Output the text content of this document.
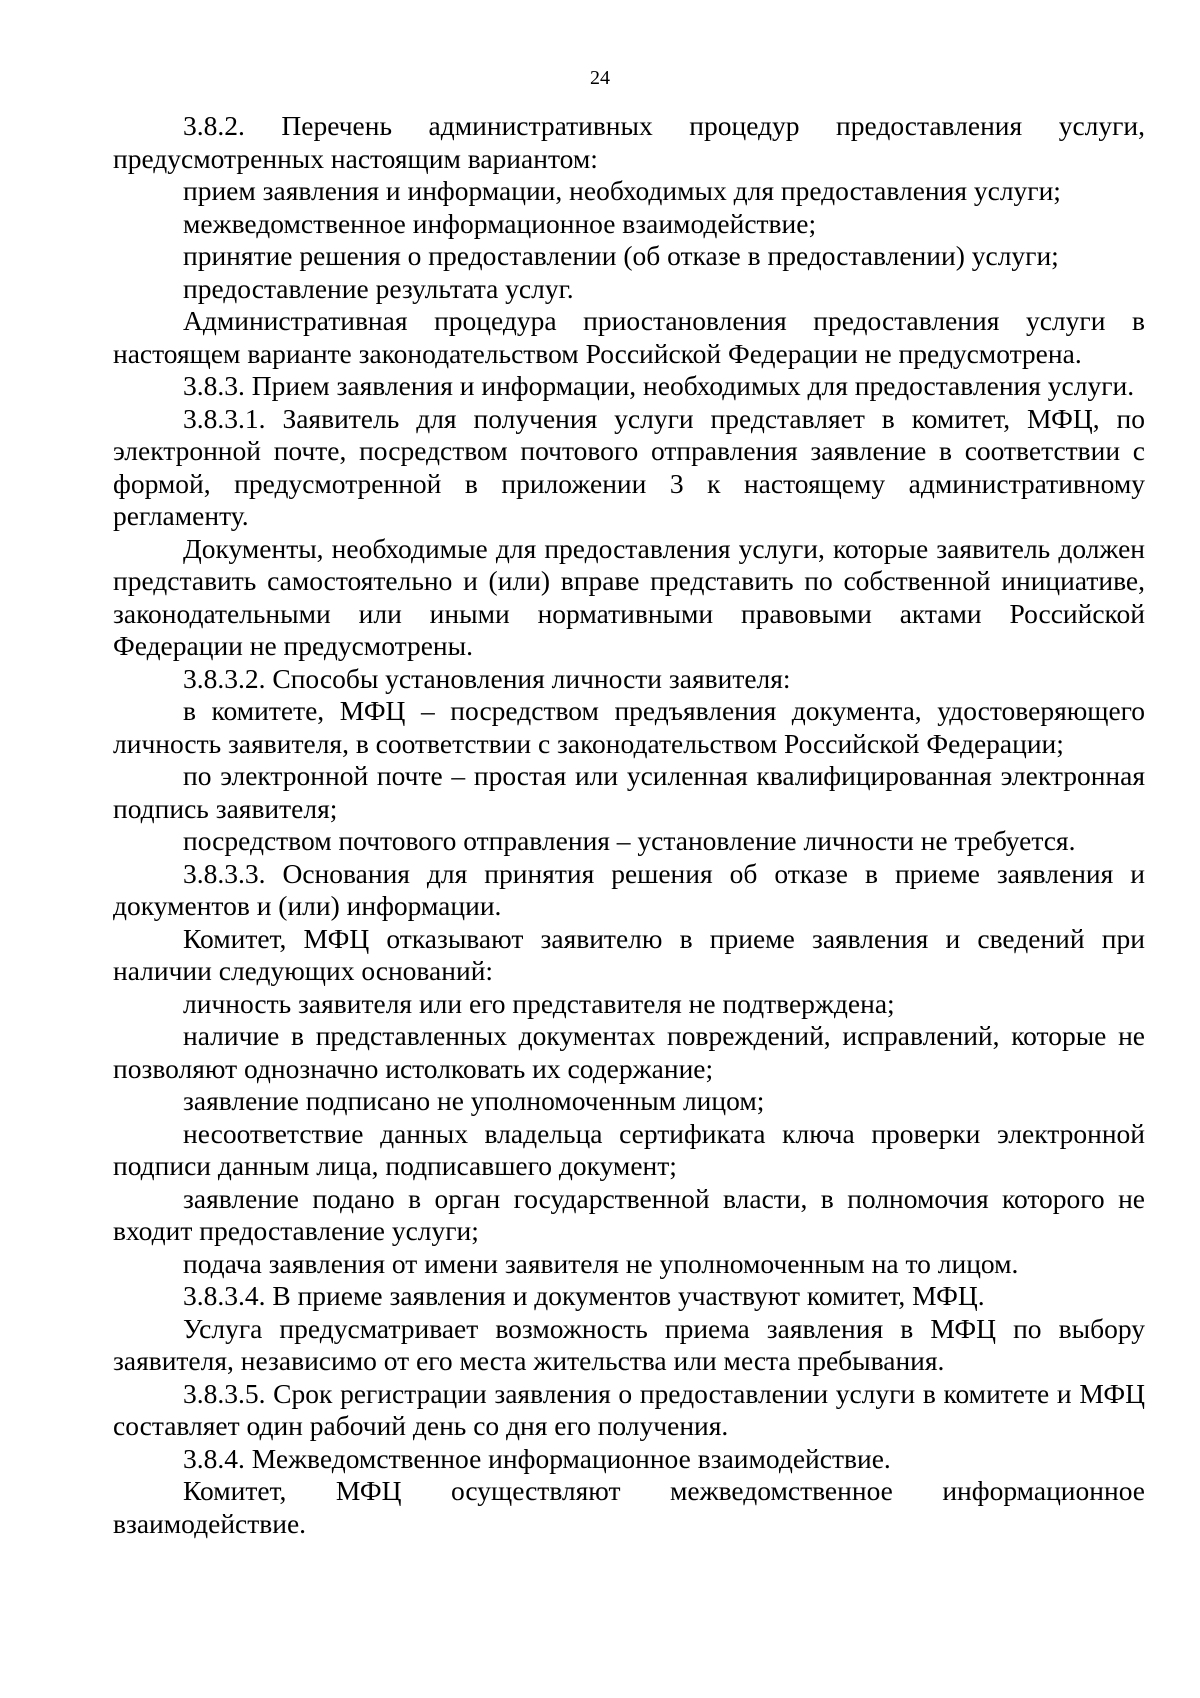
24

3.8.2. Перечень административных процедур предоставления услуги, предусмотренных настоящим вариантом:

прием заявления и информации, необходимых для предоставления услуги;

межведомственное информационное взаимодействие;

принятие решения о предоставлении (об отказе в предоставлении) услуги;

предоставление результата услуг.

Административная процедура приостановления предоставления услуги в настоящем варианте законодательством Российской Федерации не предусмотрена.

3.8.3. Прием заявления и информации, необходимых для предоставления услуги.

3.8.3.1. Заявитель для получения услуги представляет в комитет, МФЦ, по электронной почте, посредством почтового отправления заявление в соответствии с формой, предусмотренной в приложении 3 к настоящему административному регламенту.

Документы, необходимые для предоставления услуги, которые заявитель должен представить самостоятельно и (или) вправе представить по собственной инициативе, законодательными или иными нормативными правовыми актами Российской Федерации не предусмотрены.

3.8.3.2. Способы установления личности заявителя:

в комитете, МФЦ – посредством предъявления документа, удостоверяющего личность заявителя, в соответствии с законодательством Российской Федерации;

по электронной почте – простая или усиленная квалифицированная электронная подпись заявителя;

посредством почтового отправления – установление личности не требуется.

3.8.3.3. Основания для принятия решения об отказе в приеме заявления и документов и (или) информации.

Комитет, МФЦ отказывают заявителю в приеме заявления и сведений при наличии следующих оснований:

личность заявителя или его представителя не подтверждена;

наличие в представленных документах повреждений, исправлений, которые не позволяют однозначно истолковать их содержание;

заявление подписано не уполномоченным лицом;

несоответствие данных владельца сертификата ключа проверки электронной подписи данным лица, подписавшего документ;

заявление подано в орган государственной власти, в полномочия которого не входит предоставление услуги;

подача заявления от имени заявителя не уполномоченным на то лицом.

3.8.3.4. В приеме заявления и документов участвуют комитет, МФЦ.

Услуга предусматривает возможность приема заявления в МФЦ по выбору заявителя, независимо от его места жительства или места пребывания.

3.8.3.5. Срок регистрации заявления о предоставлении услуги в комитете и МФЦ составляет один рабочий день со дня его получения.

3.8.4. Межведомственное информационное взаимодействие.

Комитет, МФЦ осуществляют межведомственное информационное взаимодействие.
